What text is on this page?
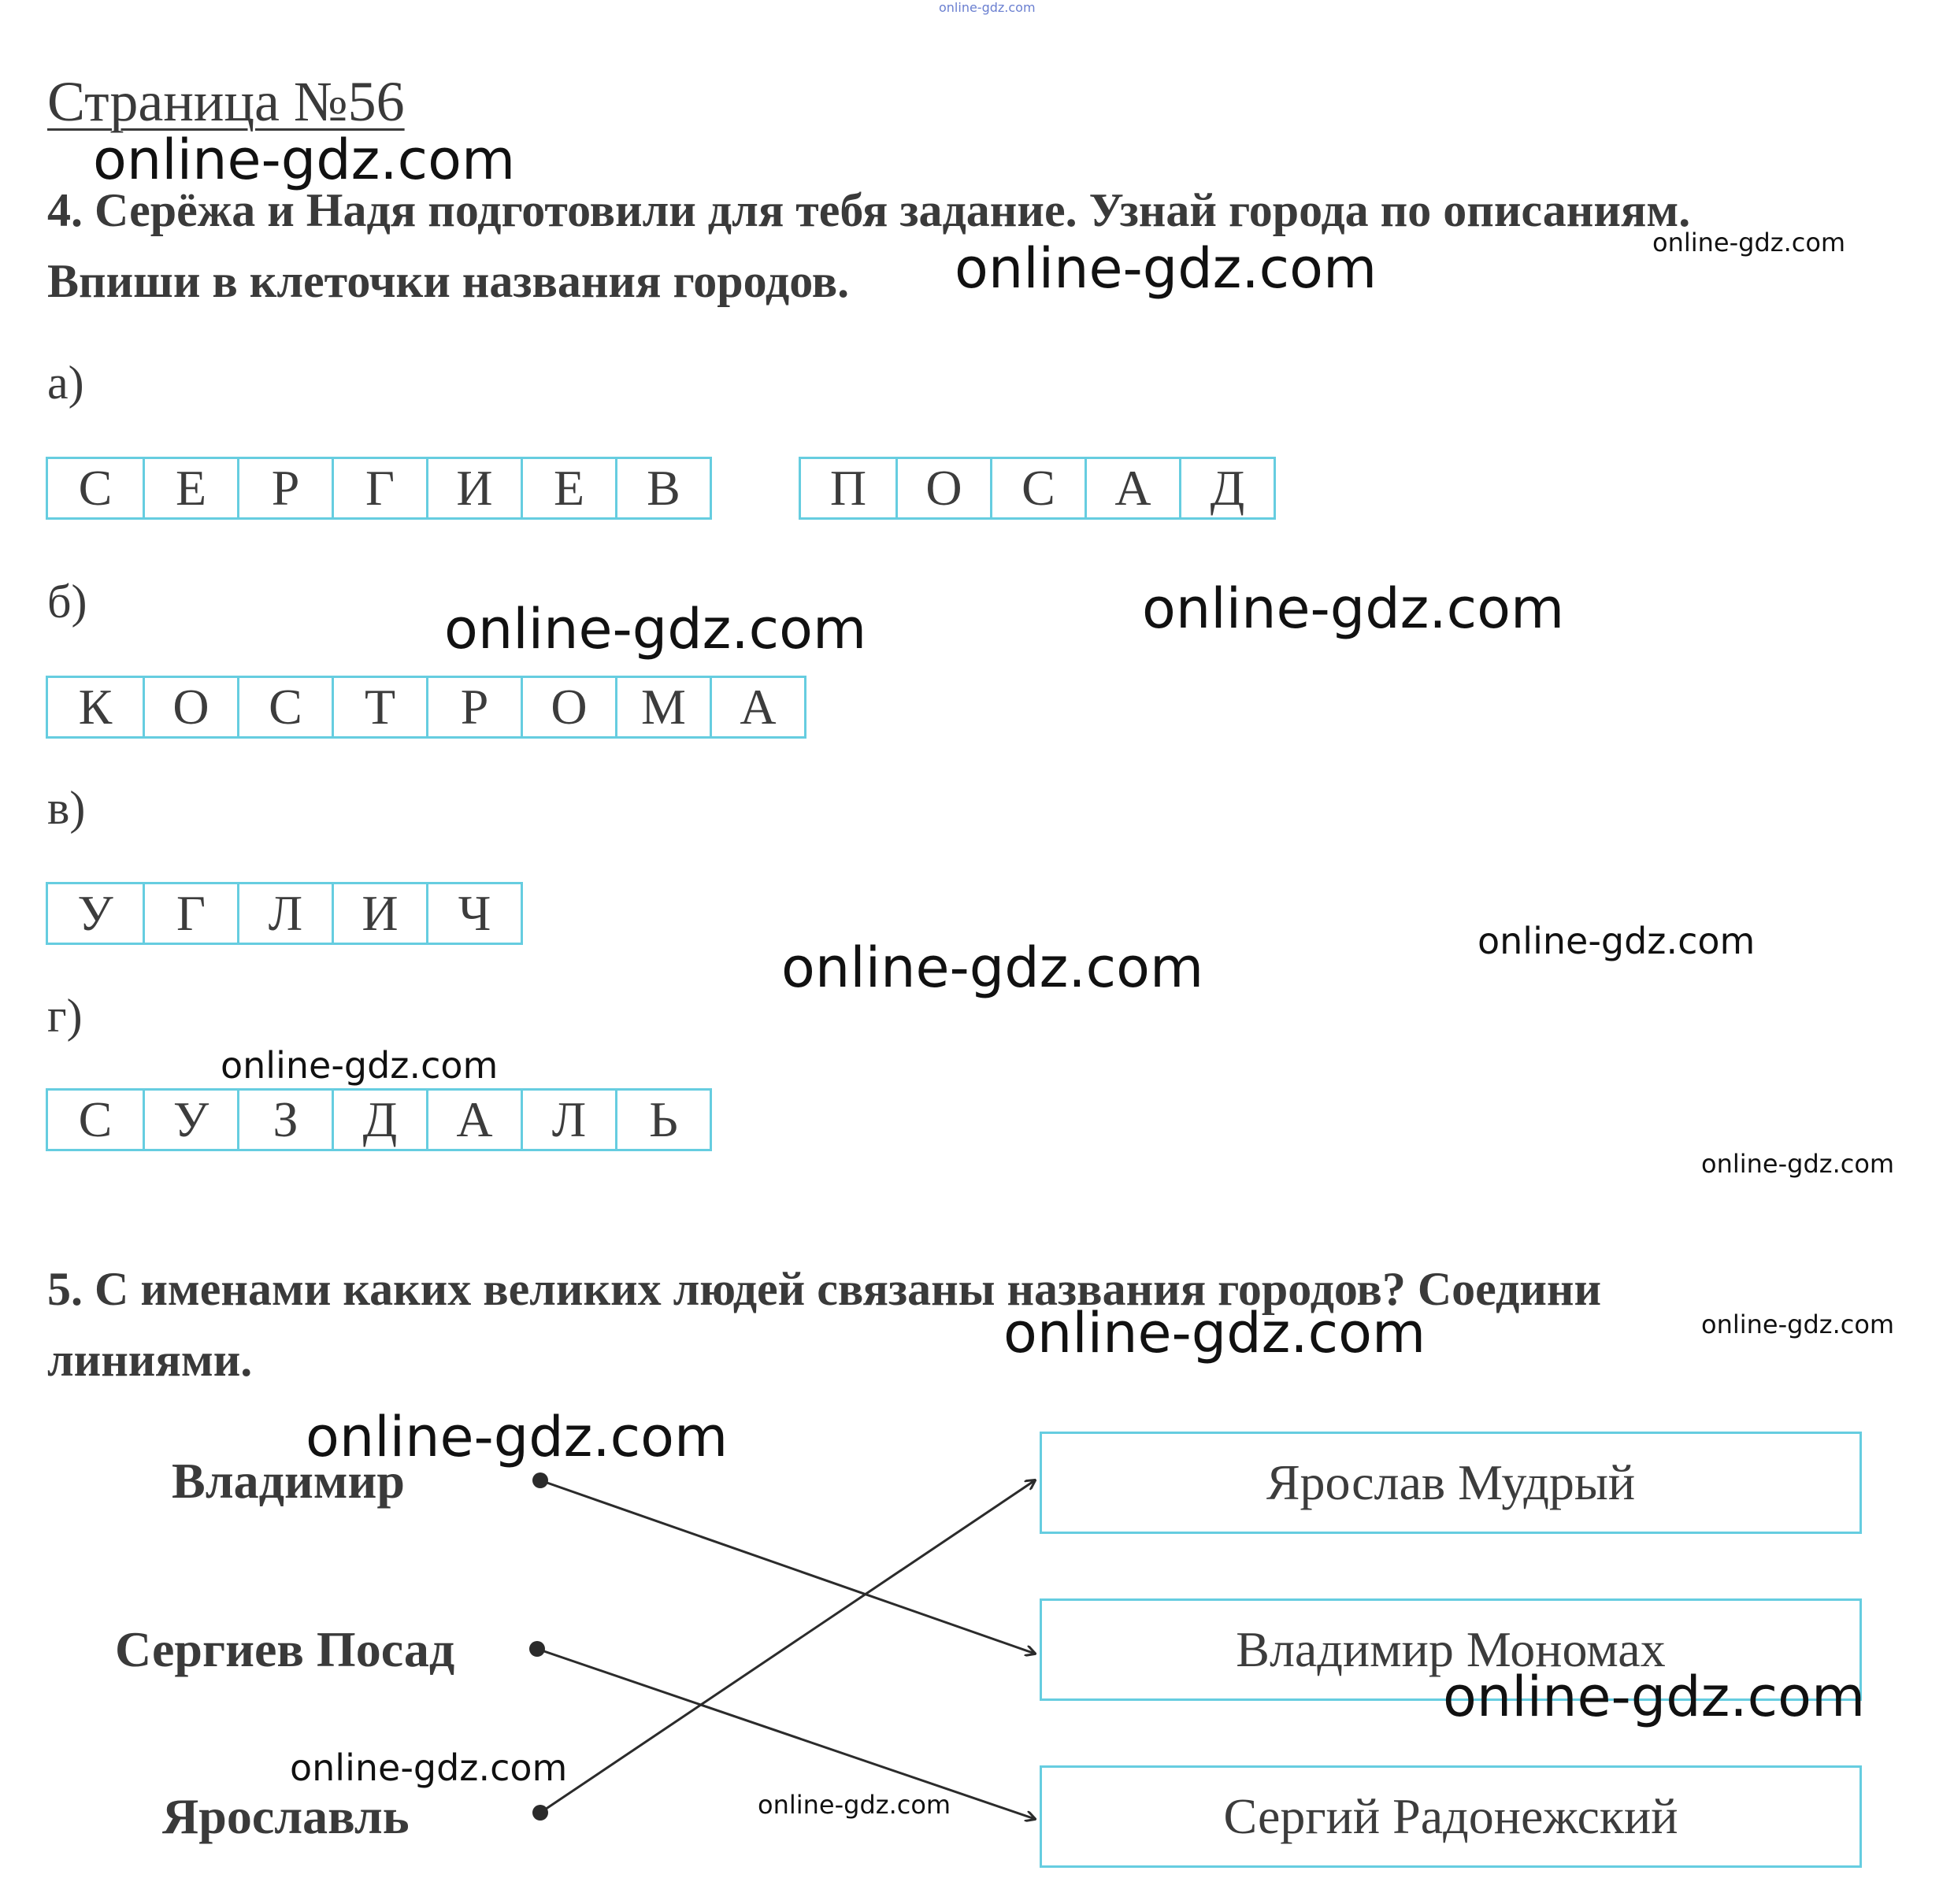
online-gdz.com
Страница №56
4. Серёжа и Надя подготовили для тебя задание. Узнай города по описаниям.
Впиши в клеточки названия городов.
а)
С	Е	Р	Г	И	Е	В	П	О	С	А	Д
б)
К	О	С	Т	Р	О	М	А
в)
У	Г	Л	И	Ч
г)
С	У	З	Д	А	Л	Ь
5. С именами каких великих людей связаны названия городов? Соедини
линиями.
Владимир
Сергиев Посад
Ярославль
Ярослав Мудрый
Владимир Мономах
Сергий Радонежский
online-gdz.com
online-gdz.com
online-gdz.com
online-gdz.com	online-gdz.com
online-gdz.com	online-gdz.com
online-gdz.com
online-gdz.com
online-gdz.com	online-gdz.com
online-gdz.com
online-gdz.com
online-gdz.com
online-gdz.com
